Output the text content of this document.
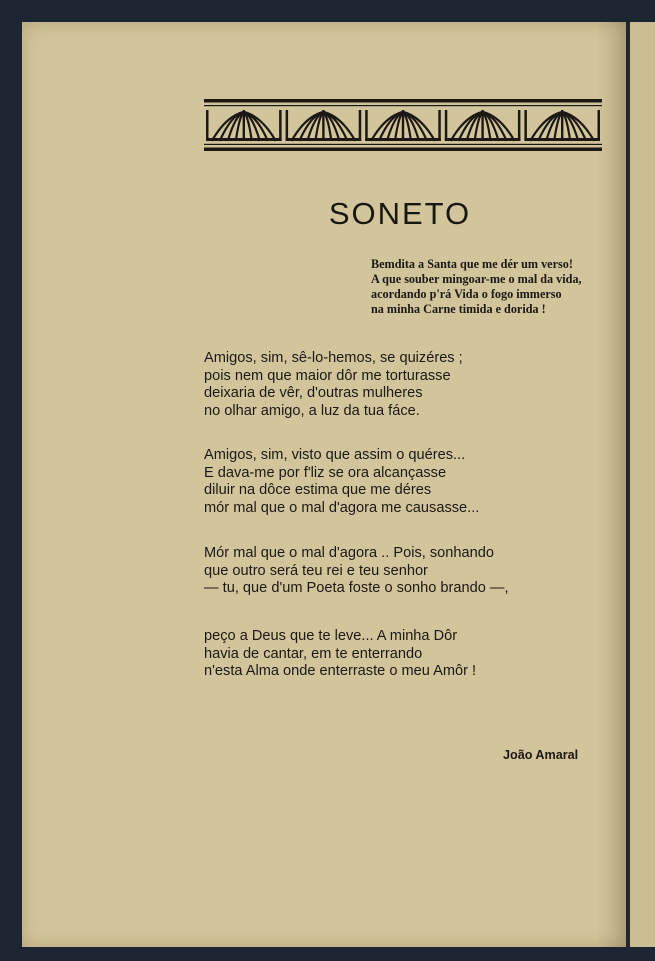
SONETO
Bemdita a Santa que me dér um verso!
A que souber mingoar-me o mal da vida,
acordando p'rá Vida o fogo immerso
na minha Carne timida e dorida !
Amigos, sim, sê-lo-hemos, se quizéres ;
pois nem que maior dôr me torturasse
deixaria de vêr, d'outras mulheres
no olhar amigo, a luz da tua fáce.
Amigos, sim, visto que assim o quéres...
E dava-me por f'liz se ora alcançasse
diluir na dôce estima que me déres
mór mal que o mal d'agora me causasse...
Mór mal que o mal d'agora .. Pois, sonhando
que outro será teu rei e teu senhor
— tu, que d'um Poeta foste o sonho brando —,
peço a Deus que te leve... A minha Dôr
havia de cantar, em te enterrando
n'esta Alma onde enterraste o meu Amôr !
João Amaral
